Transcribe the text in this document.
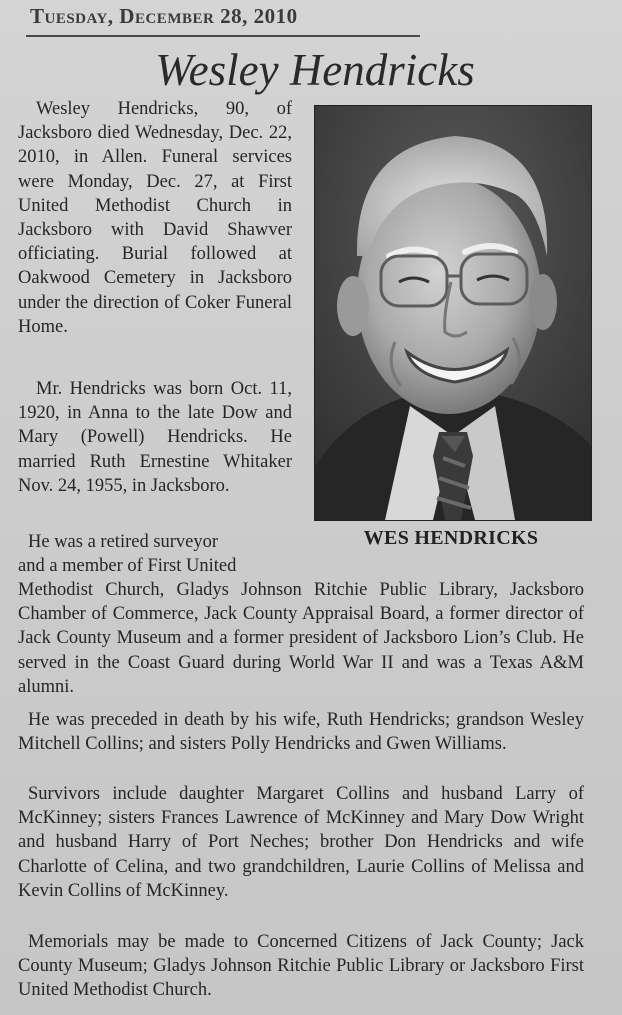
Tuesday, December 28, 2010
Wesley Hendricks
WES HENDRICKS

Wesley Hendricks, 90, of Jacksboro died Wednesday, Dec. 22, 2010, in Allen. Funeral services were Monday, Dec. 27, at First United Methodist Church in Jacksboro with David Shawver officiating. Burial followed at Oakwood Cemetery in Jacksboro under the direction of Coker Funeral Home.

Mr. Hendricks was born Oct. 11, 1920, in Anna to the late Dow and Mary (Powell) Hendricks. He married Ruth Ernestine Whitaker Nov. 24, 1955, in Jacksboro.

He was a retired surveyor

and a member of First United

Methodist Church, Gladys Johnson Ritchie Public Library, Jacksboro Chamber of Commerce, Jack County Appraisal Board, a former director of Jack County Museum and a former president of Jacksboro Lion’s Club. He served in the Coast Guard during World War II and was a Texas A&M alumni.

He was preceded in death by his wife, Ruth Hendricks; grandson Wesley Mitchell Collins; and sisters Polly Hendricks and Gwen Williams.

Survivors include daughter Margaret Collins and husband Larry of McKinney; sisters Frances Lawrence of McKinney and Mary Dow Wright and husband Harry of Port Neches; brother Don Hendricks and wife Charlotte of Celina, and two grandchildren, Laurie Collins of Melissa and Kevin Collins of McKinney.

Memorials may be made to Concerned Citizens of Jack County; Jack County Museum; Gladys Johnson Ritchie Public Library or Jacksboro First United Methodist Church.
